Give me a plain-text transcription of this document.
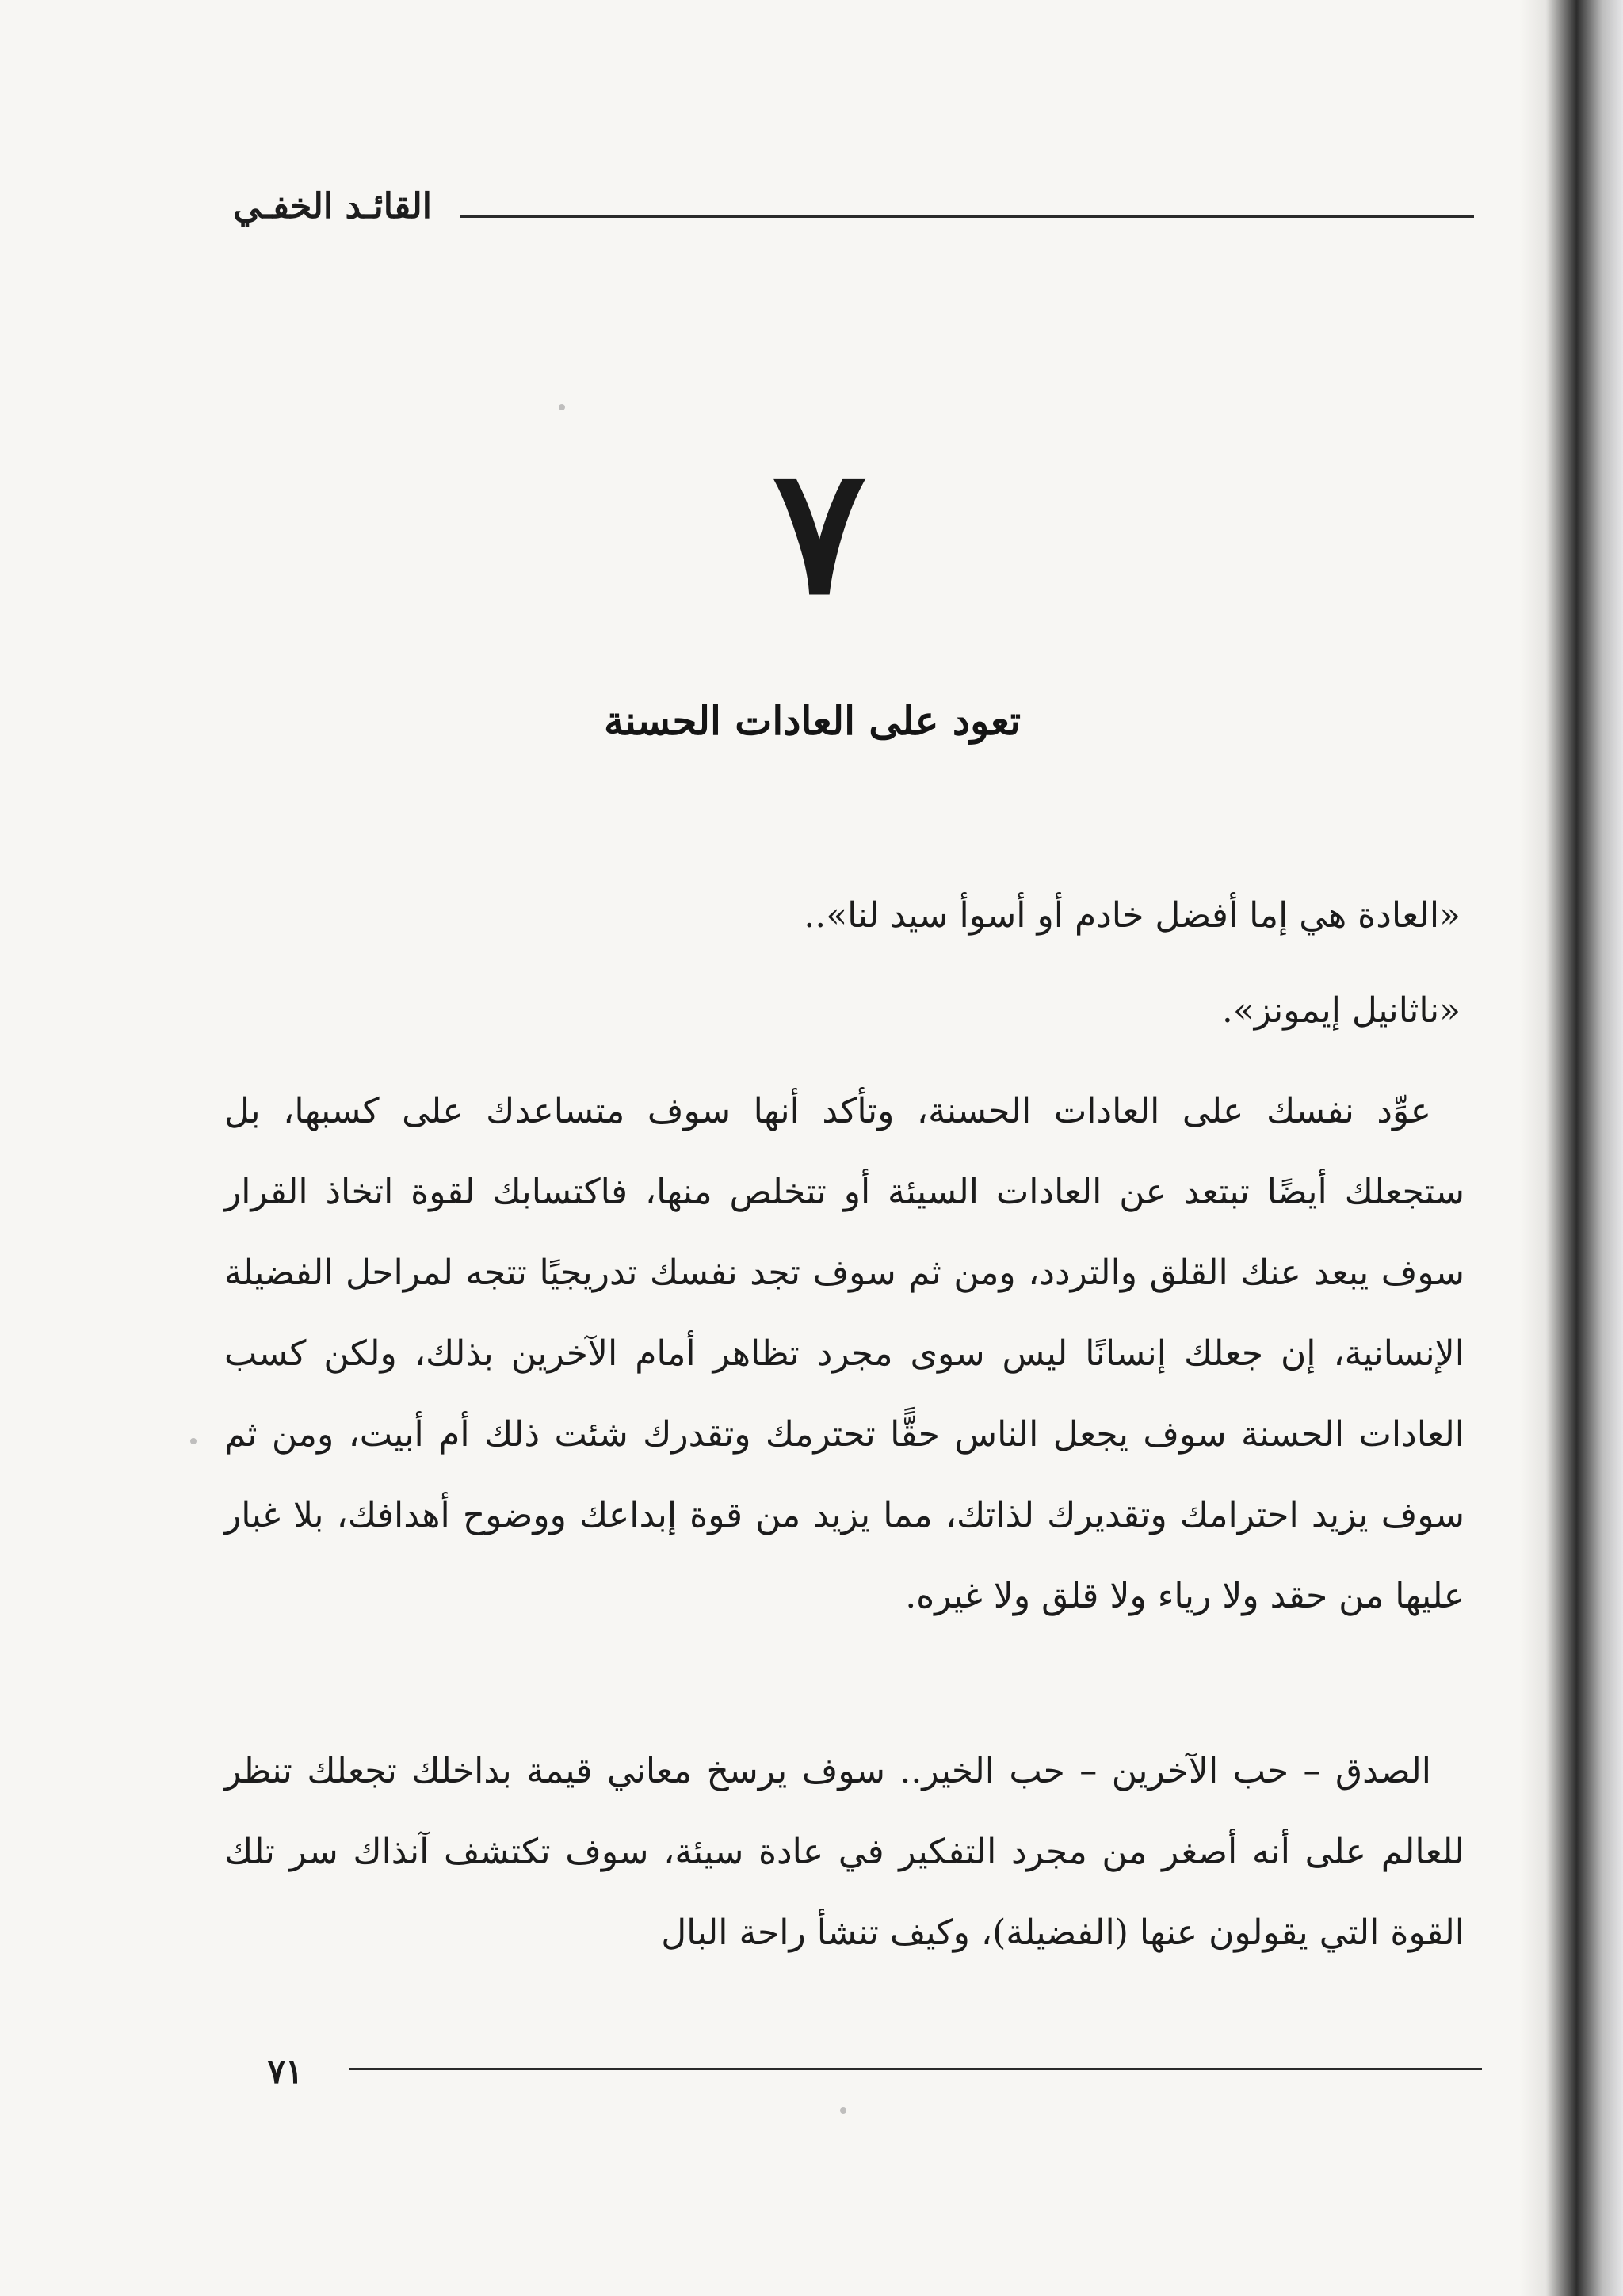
القائـد الخفـي
٧
تعود على العادات الحسنة
«العادة هي إما أفضل خادم أو أسوأ سيد لنا»..
«ناثانيل إيمونز».
عوِّد نفسك على العادات الحسنة، وتأكد أنها سوف متساعدك على كسبها، بل ستجعلك أيضًا تبتعد عن العادات السيئة أو تتخلص منها، فاكتسابك لقوة اتخاذ القرار سوف يبعد عنك القلق والتردد، ومن ثم سوف تجد نفسك تدريجيًا تتجه لمراحل الفضيلة الإنسانية، إن جعلك إنسانًا ليس سوى مجرد تظاهر أمام الآخرين بذلك، ولكن كسب العادات الحسنة سوف يجعل الناس حقًّا تحترمك وتقدرك شئت ذلك أم أبيت، ومن ثم سوف يزيد احترامك وتقديرك لذاتك، مما يزيد من قوة إبداعك ووضوح أهدافك، بلا غبار عليها من حقد ولا رياء ولا قلق ولا غيره.
الصدق – حب الآخرين – حب الخير.. سوف يرسخ معاني قيمة بداخلك تجعلك تنظر للعالم على أنه أصغر من مجرد التفكير في عادة سيئة، سوف تكتشف آنذاك سر تلك القوة التي يقولون عنها (الفضيلة)، وكيف تنشأ راحة البال
٧١
